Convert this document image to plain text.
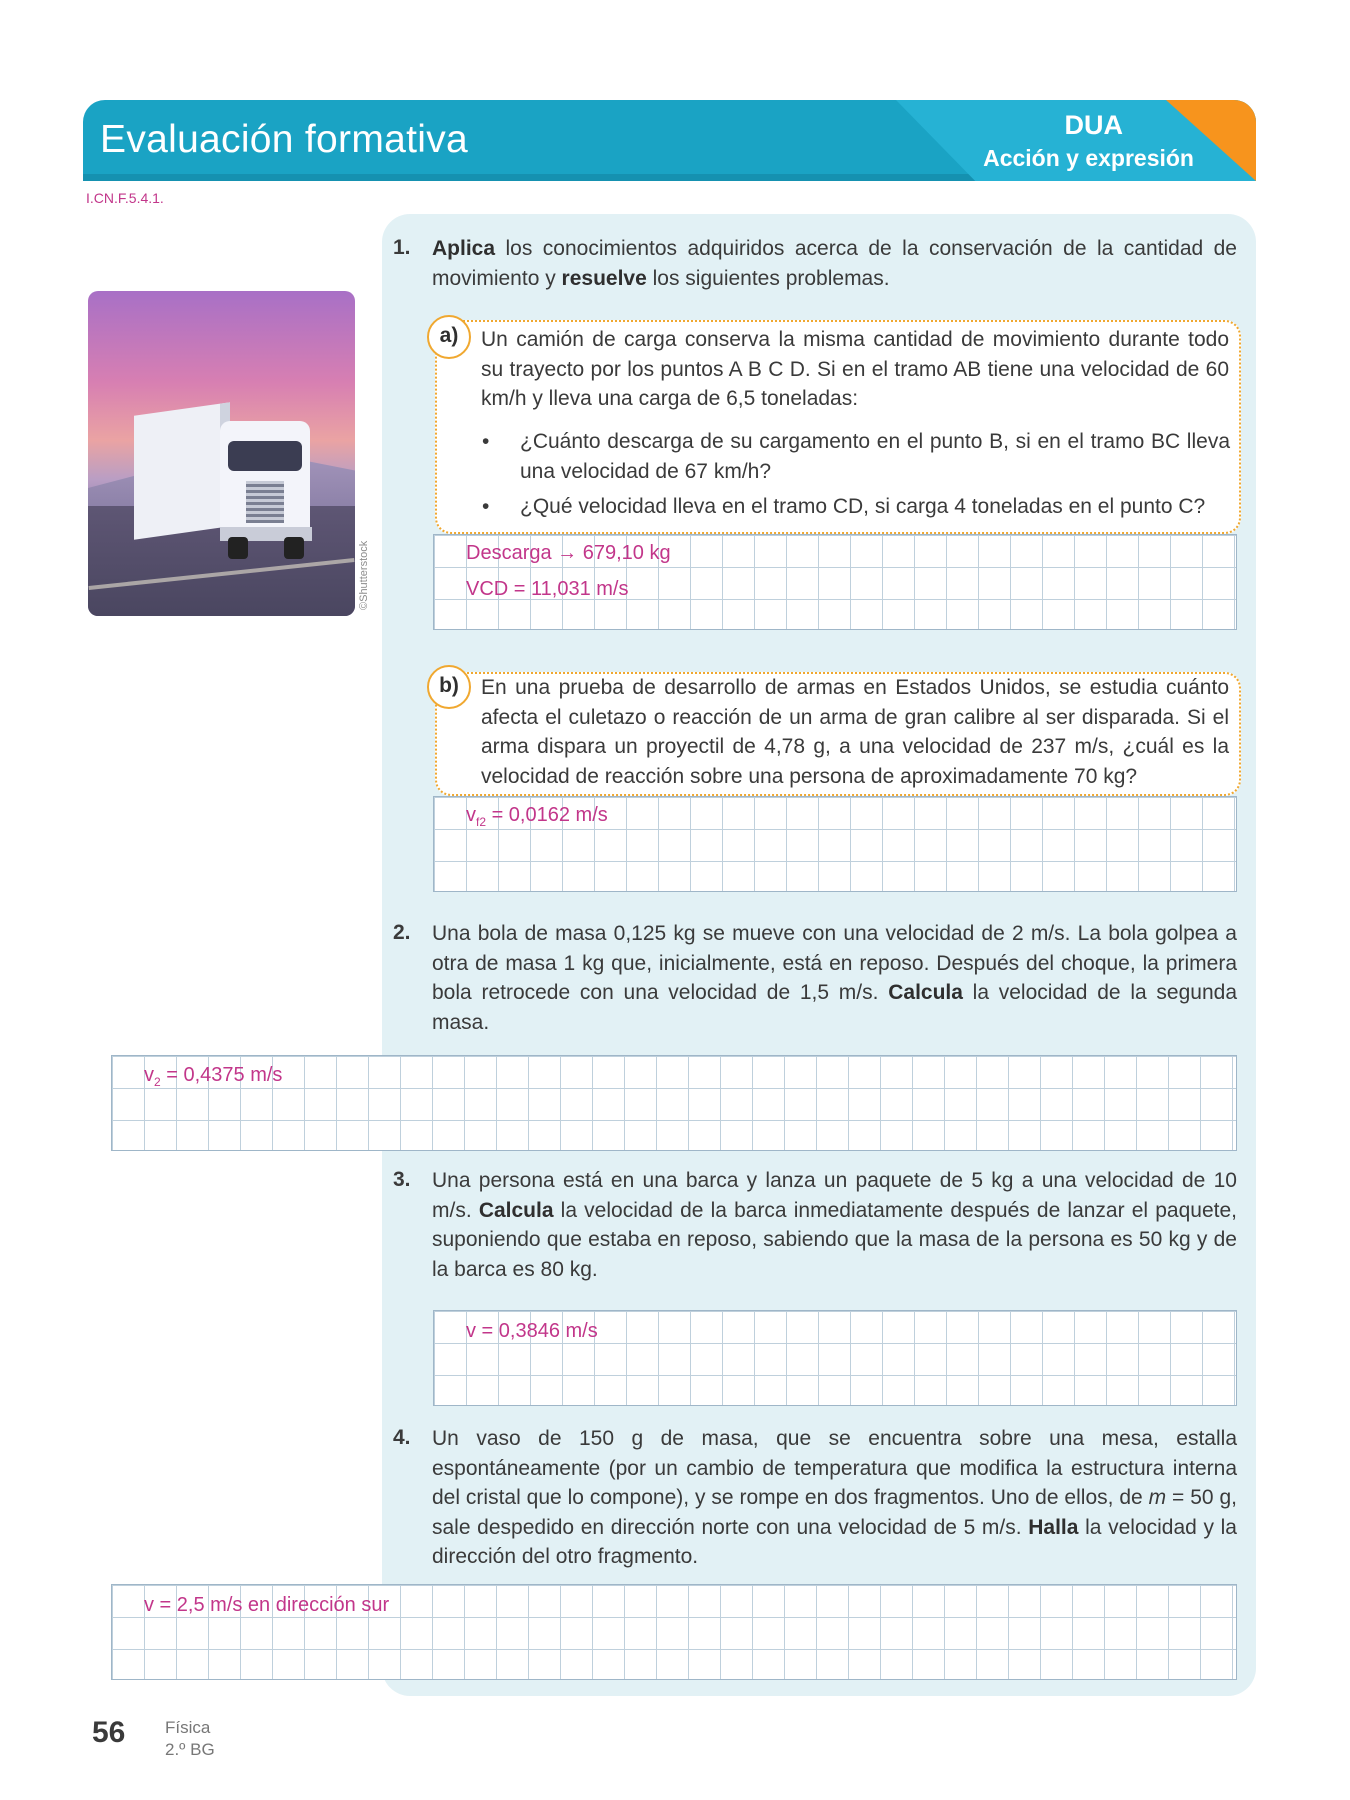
Evaluación formativa	DUA
Acción y expresión
I.CN.F.5.4.1.
©Shutterstock
1. Aplica los conocimientos adquiridos acerca de la conservación de la cantidad de movimiento y resuelve los siguientes problemas.
a)	Un camión de carga conserva la misma cantidad de movimiento durante todo su trayecto por los puntos A B C D. Si en el tramo AB tiene una velocidad de 60 km/h y lleva una carga de 6,5 toneladas:
• ¿Cuánto descarga de su cargamento en el punto B, si en el tramo BC lleva una velocidad de 67 km/h?
• ¿Qué velocidad lleva en el tramo CD, si carga 4 toneladas en el punto C?
Descarga → 679,10 kg
VCD = 11,031 m/s
b)	En una prueba de desarrollo de armas en Estados Unidos, se estudia cuánto afecta el culetazo o reacción de un arma de gran calibre al ser disparada. Si el arma dispara un proyectil de 4,78 g, a una velocidad de 237 m/s, ¿cuál es la velocidad de reacción sobre una persona de aproximadamente 70 kg?
$v_{f2} = 0,0162$ m/s
2. Una bola de masa 0,125 kg se mueve con una velocidad de 2 m/s. La bola golpea a otra de masa 1 kg que, inicialmente, está en reposo. Después del choque, la primera bola retrocede con una velocidad de 1,5 m/s. Calcula la velocidad de la segunda masa.
$v_2 = 0,4375$ m/s
3. Una persona está en una barca y lanza un paquete de 5 kg a una velocidad de 10 m/s. Calcula la velocidad de la barca inmediatamente después de lanzar el paquete, suponiendo que estaba en reposo, sabiendo que la masa de la persona es 50 kg y de la barca es 80 kg.
v = 0,3846 m/s
4. Un vaso de 150 g de masa, que se encuentra sobre una mesa, estalla espontáneamente (por un cambio de temperatura que modifica la estructura interna del cristal que lo compone), y se rompe en dos fragmentos. Uno de ellos, de m = 50 g, sale despedido en dirección norte con una velocidad de 5 m/s. Halla la velocidad y la dirección del otro fragmento.
v = 2,5 m/s en dirección sur
56 Física
2.º BG
